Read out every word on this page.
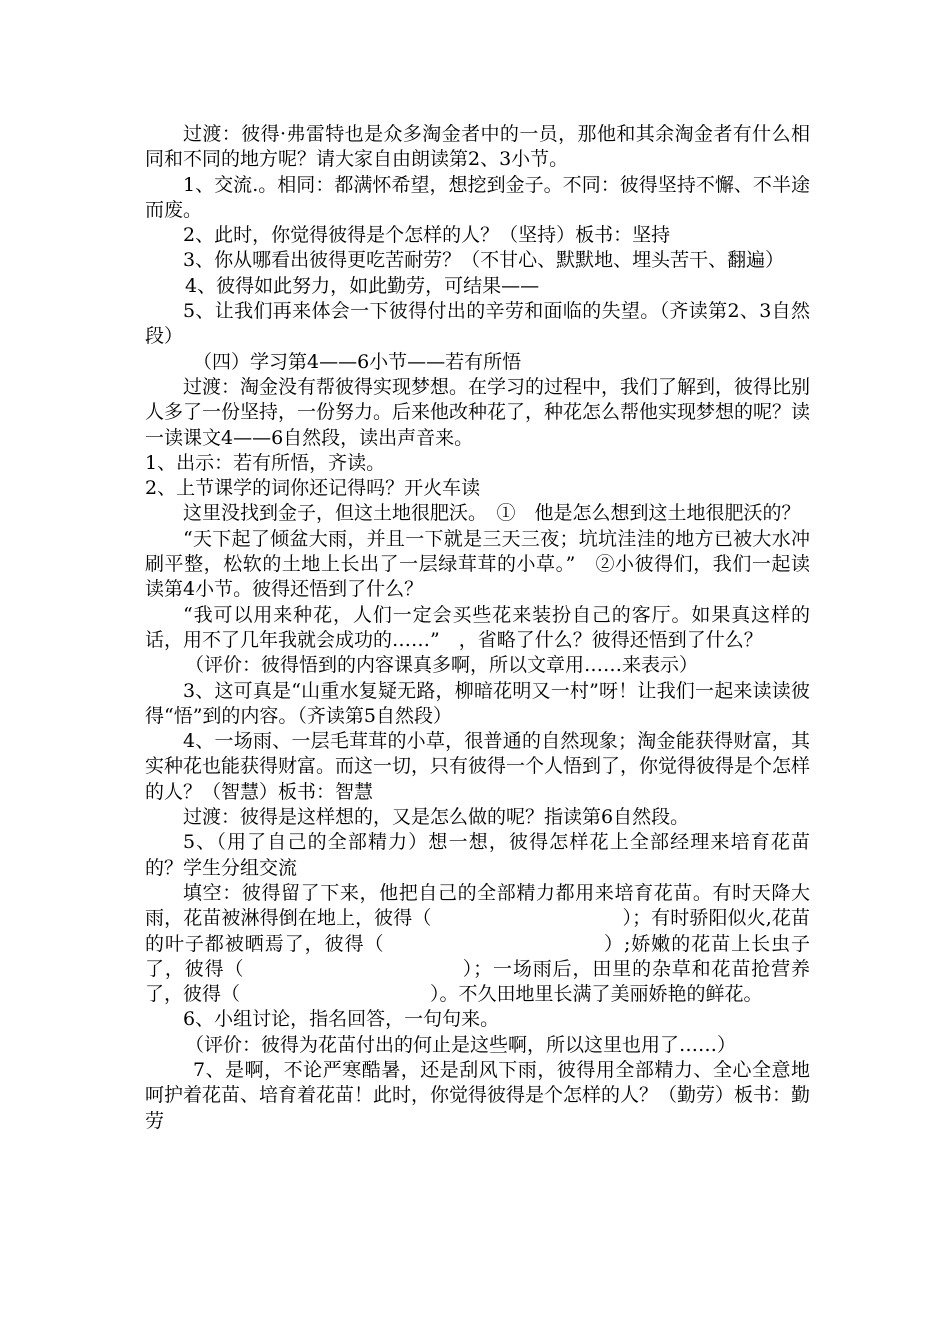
过渡：彼得·弗雷特也是众多淘金者中的一员，那他和其余淘金者有什么相同和不同的地方呢？请大家自由朗读第2、3小节。

1、交流.。相同：都满怀希望，想挖到金子。不同：彼得坚持不懈、不半途而废。

2、此时，你觉得彼得是个怎样的人？（坚持）板书：坚持

3、你从哪看出彼得更吃苦耐劳？（不甘心、默默地、埋头苦干、翻遍）

4、彼得如此努力，如此勤劳，可结果——

5、让我们再来体会一下彼得付出的辛劳和面临的失望。（齐读第2、3自然段）

（四）学习第4——6小节——若有所悟

过渡：淘金没有帮彼得实现梦想。在学习的过程中，我们了解到，彼得比别人多了一份坚持，一份努力。后来他改种花了，种花怎么帮他实现梦想的呢？读一读课文4——6自然段，读出声音来。

1、出示：若有所悟，齐读。

2、上节课学的词你还记得吗？开火车读

这里没找到金子，但这土地很肥沃。　①　他是怎么想到这土地很肥沃的？

“天下起了倾盆大雨，并且一下就是三天三夜；坑坑洼洼的地方已被大水冲刷平整，松软的土地上长出了一层绿茸茸的小草。”　②小彼得们，我们一起读读第4小节。彼得还悟到了什么？

“我可以用来种花，人们一定会买些花来装扮自己的客厅。如果真这样的话，用不了几年我就会成功的……”　，省略了什么？彼得还悟到了什么？

（评价：彼得悟到的内容课真多啊，所以文章用……来表示）

3、这可真是“山重水复疑无路，柳暗花明又一村”呀！让我们一起来读读彼得“悟”到的内容。（齐读第5自然段）

4、一场雨、一层毛茸茸的小草，很普通的自然现象；淘金能获得财富，其实种花也能获得财富。而这一切，只有彼得一个人悟到了，你觉得彼得是个怎样的人？（智慧）板书：智慧

过渡：彼得是这样想的，又是怎么做的呢？指读第6自然段。

5、（用了自己的全部精力）想一想，彼得怎样花上全部经理来培育花苗的？学生分组交流

填空：彼得留了下来，他把自己的全部精力都用来培育花苗。有时天降大雨，花苗被淋得倒在地上，彼得（　　　　　　　　　　）；有时骄阳似火,花苗的叶子都被晒焉了，彼得（　　　　　　　　　　　）;娇嫩的花苗上长虫子了，彼得（　　　　　　　　　　　）；一场雨后，田里的杂草和花苗抢营养了，彼得（　　　　　　　　　　）。不久田地里长满了美丽娇艳的鲜花。

6、小组讨论，指名回答，一句句来。

（评价：彼得为花苗付出的何止是这些啊，所以这里也用了……）

7、是啊，不论严寒酷暑，还是刮风下雨，彼得用全部精力、全心全意地呵护着花苗、培育着花苗！此时，你觉得彼得是个怎样的人？（勤劳）板书：勤劳
